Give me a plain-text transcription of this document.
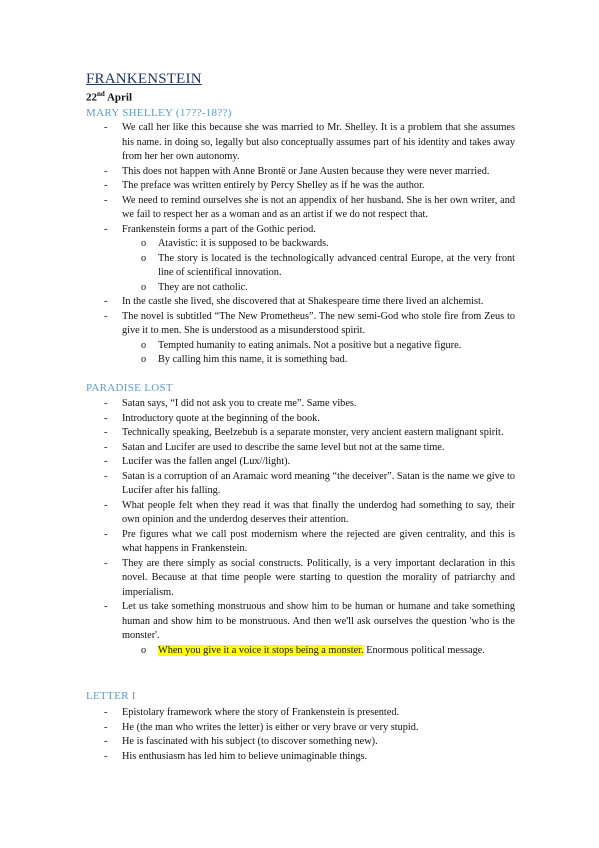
FRANKENSTEIN
22nd April
MARY SHELLEY (17??-18??)
- We call her like this because she was married to Mr. Shelley. It is a problem that she assumes his name. in doing so, legally but also conceptually assumes part of his identity and takes away from her her own autonomy.
- This does not happen with Anne Brontë or Jane Austen because they were never married.
- The preface was written entirely by Percy Shelley as if he was the author.
- We need to remind ourselves she is not an appendix of her husband. She is her own writer, and we fail to respect her as a woman and as an artist if we do not respect that.
- Frankenstein forms a part of the Gothic period.
o Atavistic: it is supposed to be backwards.
o The story is located is the technologically advanced central Europe, at the very front line of scientifical innovation.
o They are not catholic.
- In the castle she lived, she discovered that at Shakespeare time there lived an alchemist.
- The novel is subtitled “The New Prometheus”. The new semi-God who stole fire from Zeus to give it to men. She is understood as a misunderstood spirit.
o Tempted humanity to eating animals. Not a positive but a negative figure.
o By calling him this name, it is something bad.
PARADISE LOST
- Satan says, “I did not ask you to create me”. Same vibes.
- Introductory quote at the beginning of the book.
- Technically speaking, Beelzebub is a separate monster, very ancient eastern malignant spirit.
- Satan and Lucifer are used to describe the same level but not at the same time.
- Lucifer was the fallen angel (Lux//light).
- Satan is a corruption of an Aramaic word meaning “the deceiver”. Satan is the name we give to Lucifer after his falling.
- What people felt when they read it was that finally the underdog had something to say, their own opinion and the underdog deserves their attention.
- Pre figures what we call post modernism where the rejected are given centrality, and this is what happens in Frankenstein.
- They are there simply as social constructs. Politically, is a very important declaration in this novel. Because at that time people were starting to question the morality of patriarchy and imperialism.
- Let us take something monstruous and show him to be human or humane and take something human and show him to be monstruous. And then we'll ask ourselves the question 'who is the monster'.
o When you give it a voice it stops being a monster. Enormous political message.
LETTER I
- Epistolary framework where the story of Frankenstein is presented.
- He (the man who writes the letter) is either or very brave or very stupid.
- He is fascinated with his subject (to discover something new).
- His enthusiasm has led him to believe unimaginable things.
